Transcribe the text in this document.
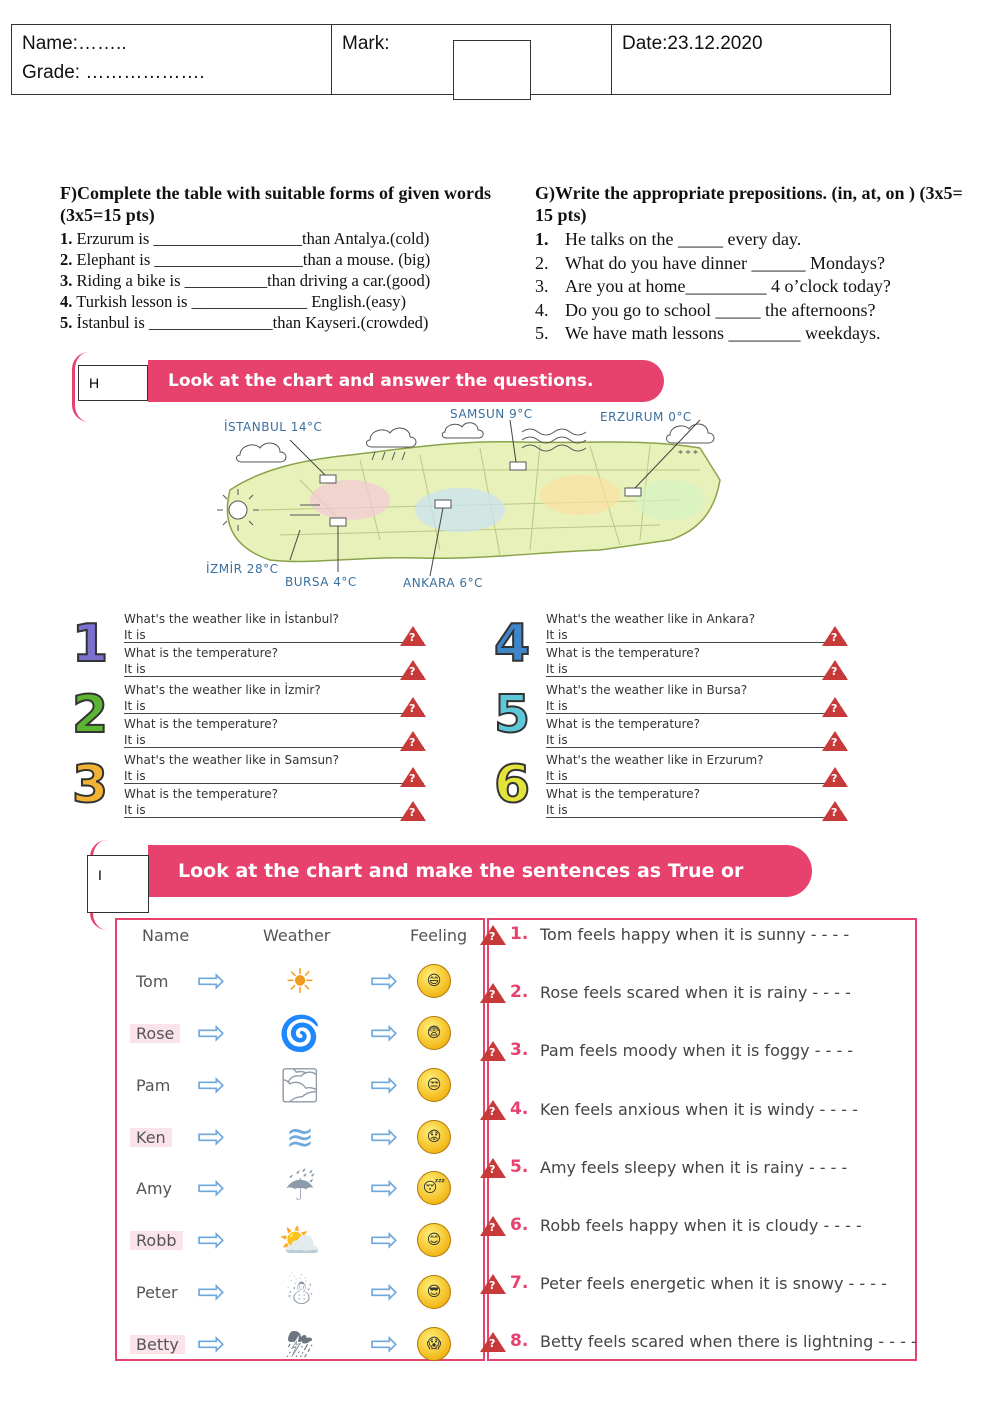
Name:……..
Grade: ……………….
Mark:	Date:23.12.2020
F)Complete the table with suitable forms of given words (3x5=15 pts)
1. Erzurum is __________________than Antalya.(cold)
2. Elephant is __________________than a mouse. (big)
3. Riding a bike is __________than driving a car.(good)
4. Turkish lesson is ______________ English.(easy)
5. İstanbul is _______________than Kayseri.(crowded)
G)Write the appropriate prepositions. (in, at, on ) (3x5= 15 pts)
1. He talks on the _____ every day.
2. What do you have dinner ______ Mondays?
3. Are you at home_________ 4 o’clock today?
4. Do you go to school _____ the afternoons?
5. We have math lessons ________ weekdays.
Look at the chart and answer the questions.
H
* * *
İSTANBUL 14°C
SAMSUN 9°C	ERZURUM 0°C
İZMİR 28°C
BURSA 4°C	ANKARA 6°C
1 What's the weather like in İstanbul?
It is
What is the temperature?
It is
?
?
2 What's the weather like in İzmir?
It is
What is the temperature?
It is
?
?
3 What's the weather like in Samsun?
It is
What is the temperature?
It is
?
?
4 What's the weather like in Ankara?
It is
What is the temperature?
It is
?
?
5 What's the weather like in Bursa?
It is
What is the temperature?
It is
?
?
6 What's the weather like in Erzurum?
It is
What is the temperature?
It is
?
?
Look at the chart and make the sentences as True or False.
I
Name	Weather	Feeling
Tom ⇨	☀	⇨	😄
Rose ⇨ 🌀 ⇨	😨
Pam ⇨ 🌫 ⇨	😒
Ken ⇨	≋	⇨	😟
Amy ⇨	☔	⇨	😴
Robb ⇨ ⛅ ⇨	😊
Peter ⇨	☃	⇨	😎
Betty ⇨	⛈	⇨	😱
?
1. Tom feels happy when it is sunny - - - -
?
2. Rose feels scared when it is rainy - - - -
?
3. Pam feels moody when it is foggy - - - -
?
4. Ken feels anxious when it is windy - - - -
?
5. Amy feels sleepy when it is rainy - - - -
?
6. Robb feels happy when it is cloudy - - - -
?
7. Peter feels energetic when it is snowy - - - -
?
8. Betty feels scared when there is lightning - - - -
